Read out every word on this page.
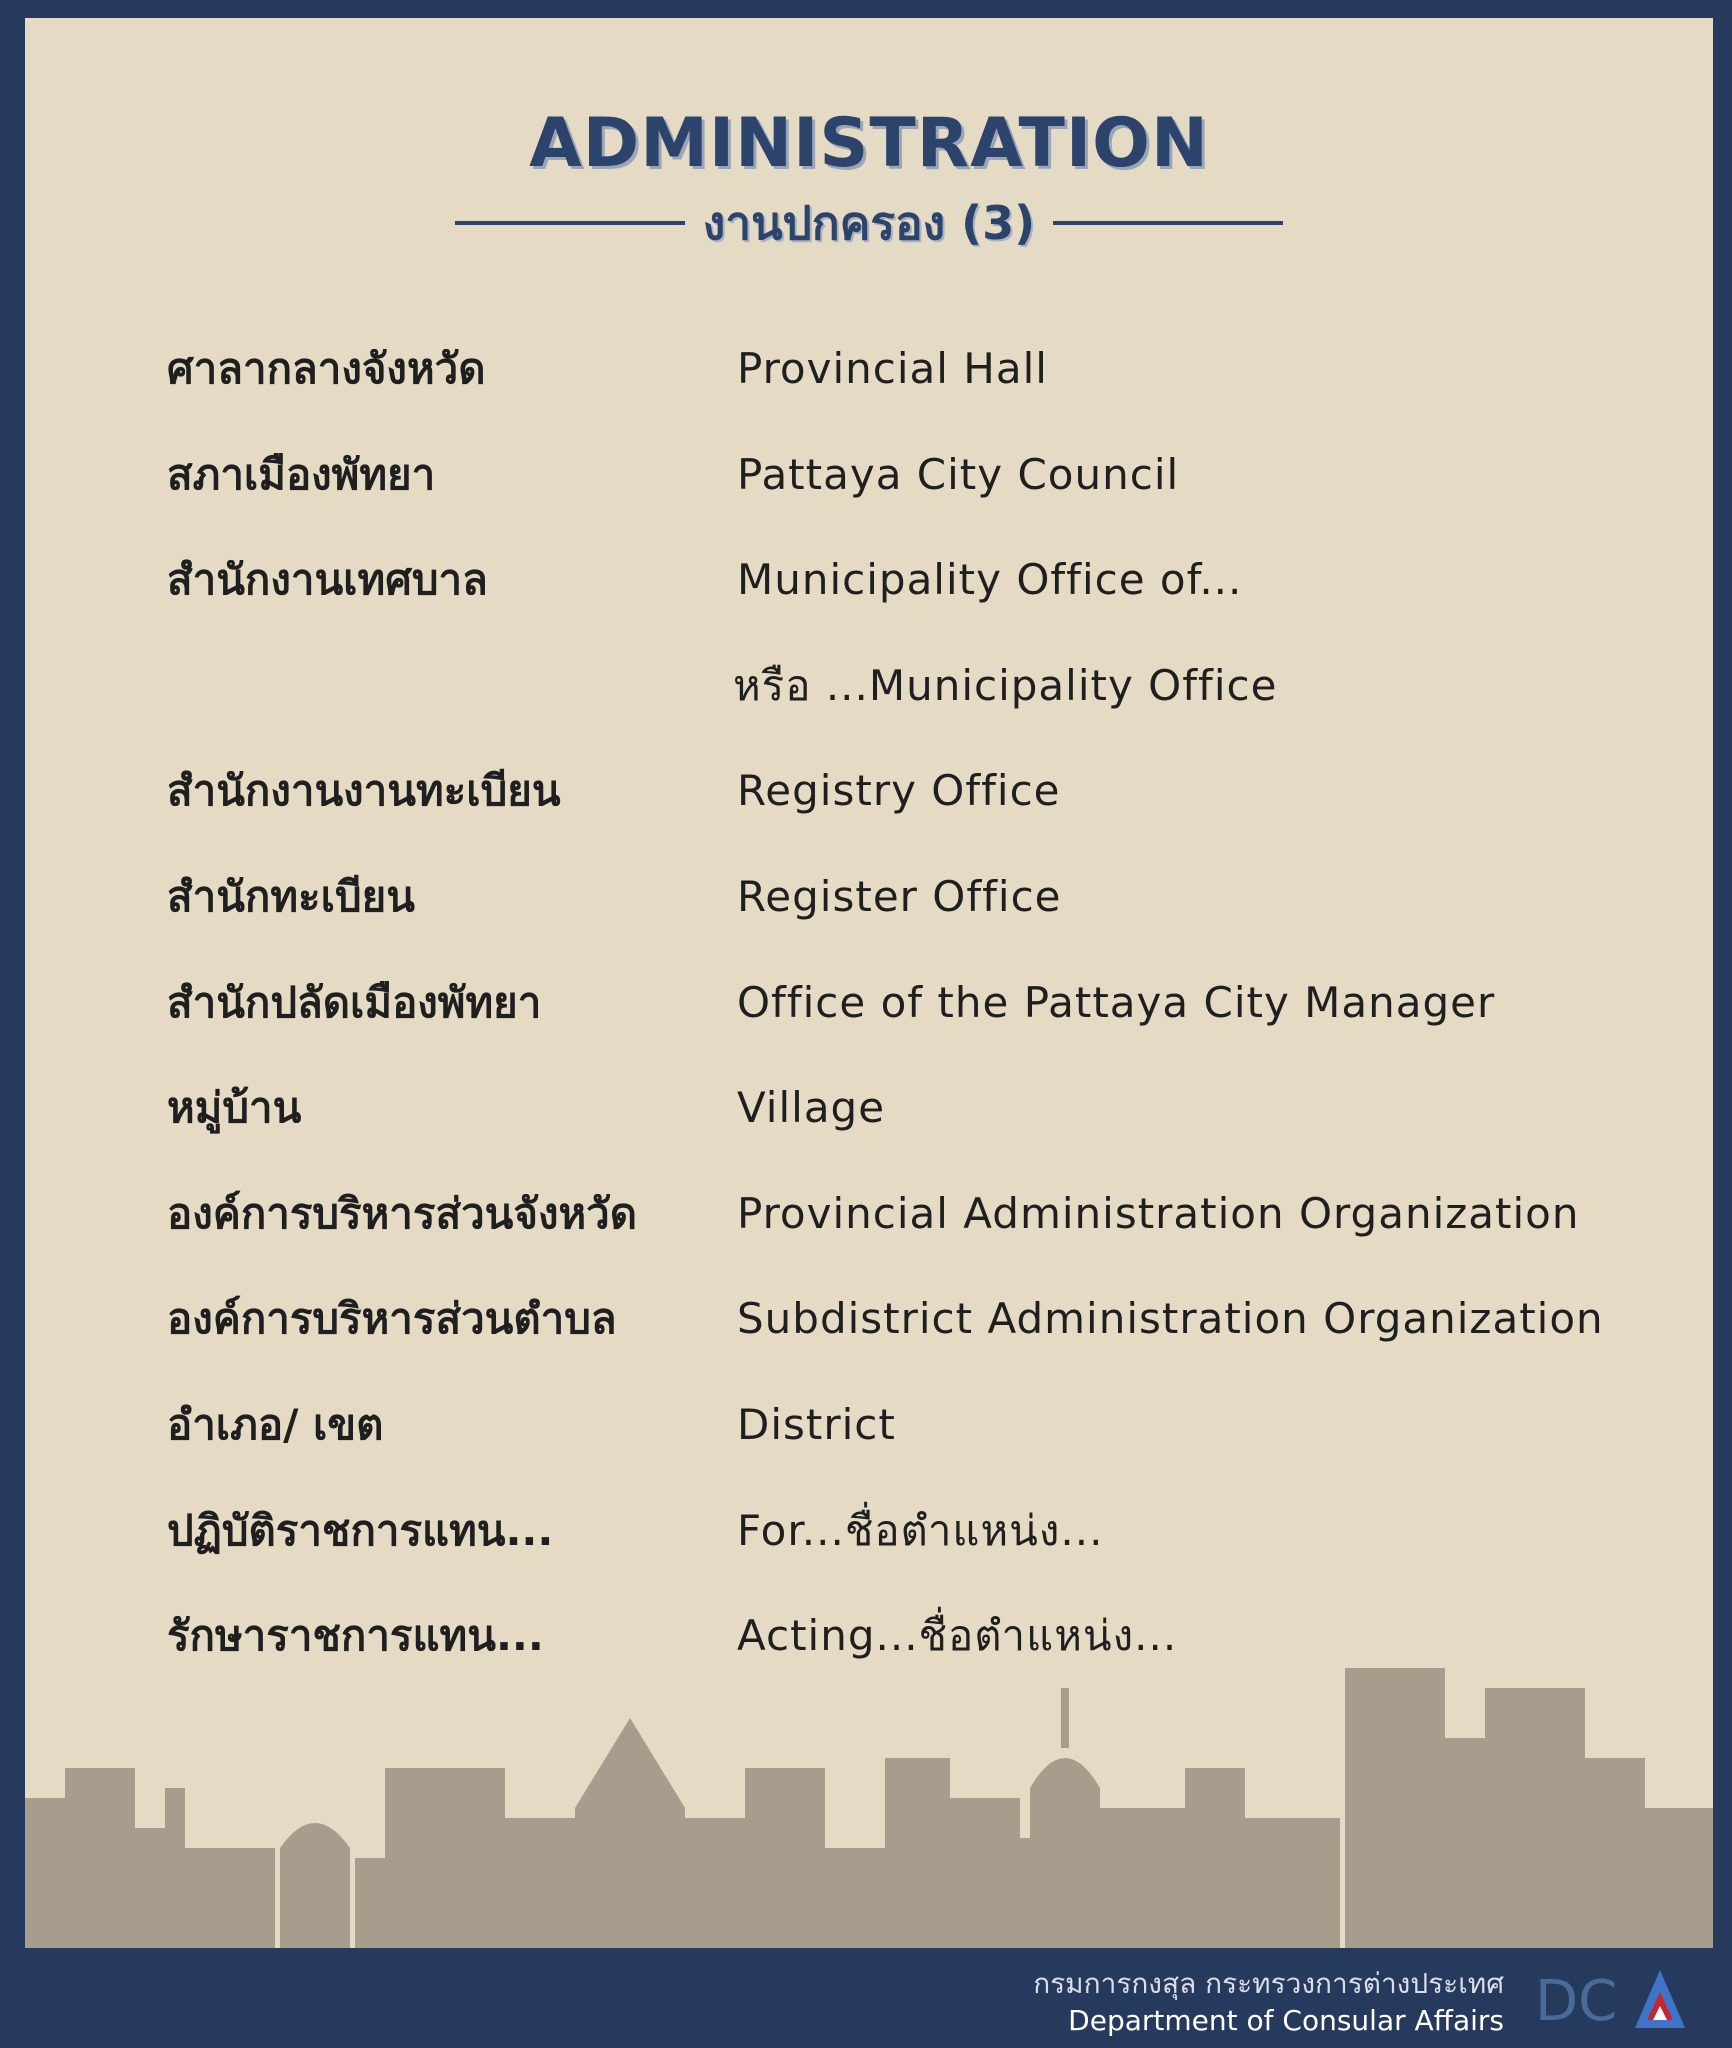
ADMINISTRATION
งานปกครอง (3)
ศาลากลางจังหวัด	Provincial Hall
สภาเมืองพัทยา	Pattaya City Council
สำนักงานเทศบาล	Municipality Office of...
หรือ ...Municipality Office
สำนักงานงานทะเบียน	Registry Office
สำนักทะเบียน	Register Office
สำนักปลัดเมืองพัทยา	Office of the Pattaya City Manager
หมู่บ้าน	Village
องค์การบริหารส่วนจังหวัด Provincial Administration Organization
องค์การบริหารส่วนตำบล	Subdistrict Administration Organization
อำเภอ/ เขต	District
ปฏิบัติราชการแทน...	For...ชื่อตำแหน่ง...
รักษาราชการแทน...	Acting...ชื่อตำแหน่ง...
กรมการกงสุล กระทรวงการต่างประเทศ
Department of Consular Affairs DC
